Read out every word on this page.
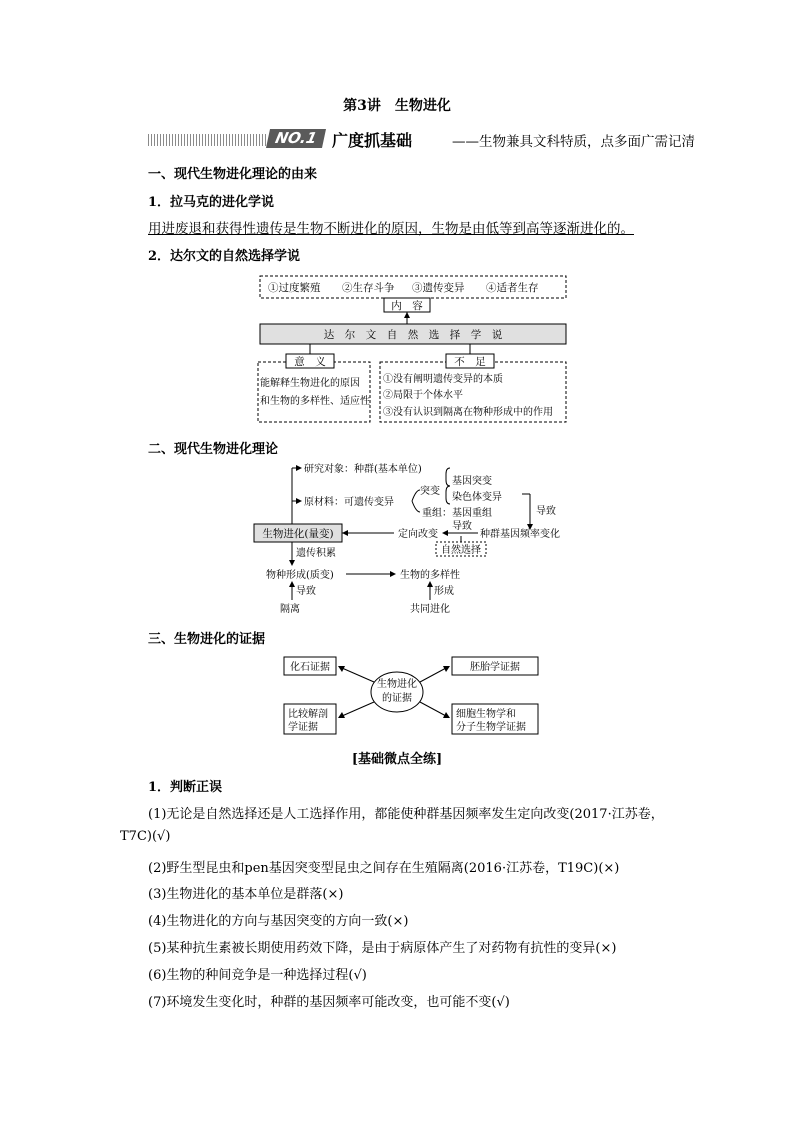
第3讲　生物进化
NO.1 广度抓基础	——生物兼具文科特质，点多面广需记清
一、现代生物进化理论的由来
1．拉马克的进化学说
用进废退和获得性遗传是生物不断进化的原因，生物是由低等到高等逐渐进化的。
2．达尔文的自然选择学说
①过度繁殖 ②生存斗争 ③遗传变异 ④适者生存
内　容
达　尔　文　自　然　选　择　学　说
意　义
能解释生物进化的原因
和生物的多样性、适应性
不　足
①没有阐明遗传变异的本质
②局限于个体水平
③没有认识到隔离在物种形成中的作用
二、现代生物进化理论
研究对象：种群(基本单位)
原材料：可遗传变异
突变
基因突变
染色体变异
重组：基因重组	导致
生物进化(量变)	定向改变
导致
种群基因频率变化
自然选择
遗传积累
物种形成(质变)	生物的多样性
导致
隔离
形成
共同进化
三、生物进化的证据
生物进化
的证据
化石证据	胚胎学证据
比较解剖
学证据
细胞生物学和
分子生物学证据
[基础微点全练]
1．判断正误
(1)无论是自然选择还是人工选择作用，都能使种群基因频率发生定向改变(2017·江苏卷，
T7C)(√)
(2)野生型昆虫和pen基因突变型昆虫之间存在生殖隔离(2016·江苏卷，T19C)(×)
(3)生物进化的基本单位是群落(×)
(4)生物进化的方向与基因突变的方向一致(×)
(5)某种抗生素被长期使用药效下降，是由于病原体产生了对药物有抗性的变异(×)
(6)生物的种间竞争是一种选择过程(√)
(7)环境发生变化时，种群的基因频率可能改变，也可能不变(√)
